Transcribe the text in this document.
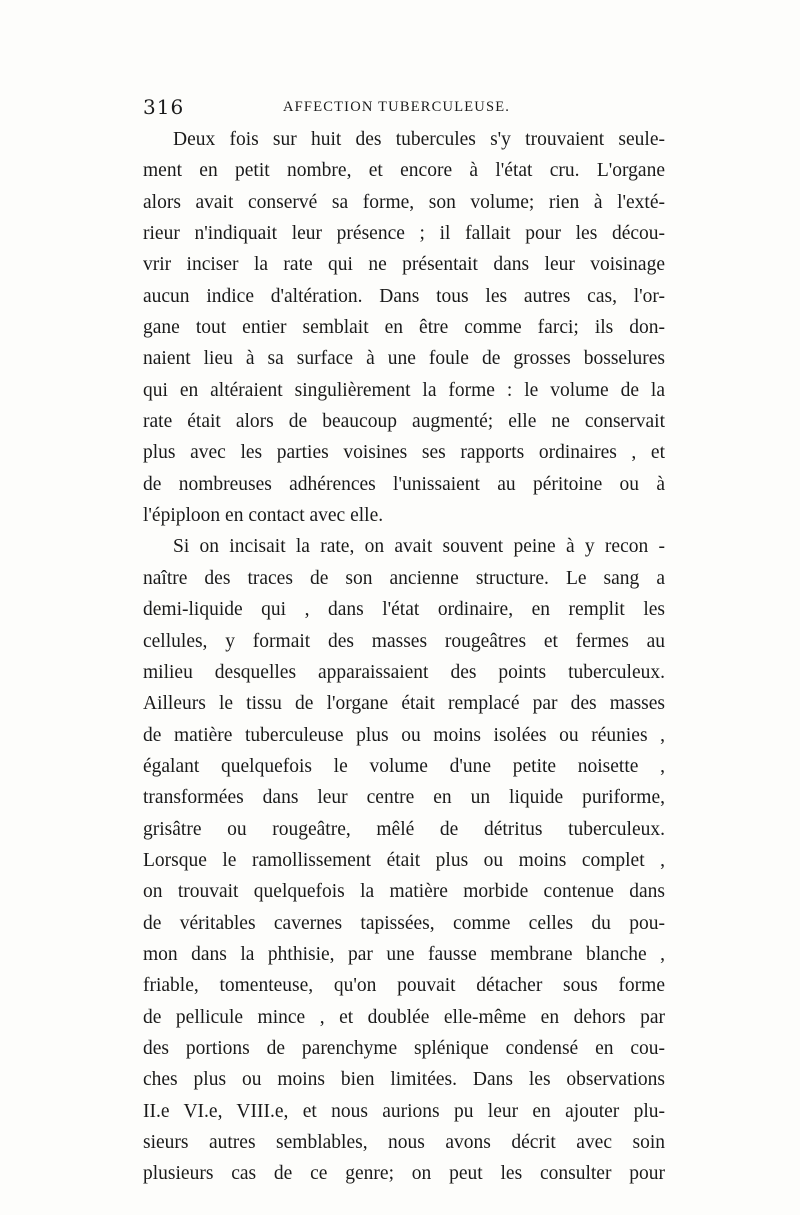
316	AFFECTION TUBERCULEUSE.
Deux fois sur huit des tubercules s'y trouvaient seule-
ment en petit nombre, et encore à l'état cru. L'organe
alors avait conservé sa forme, son volume; rien à l'exté-
rieur n'indiquait leur présence ; il fallait pour les décou-
vrir inciser la rate qui ne présentait dans leur voisinage
aucun indice d'altération. Dans tous les autres cas, l'or-
gane tout entier semblait en être comme farci; ils don-
naient lieu à sa surface à une foule de grosses bosselures
qui en altéraient singulièrement la forme : le volume de la
rate était alors de beaucoup augmenté; elle ne conservait
plus avec les parties voisines ses rapports ordinaires , et
de nombreuses adhérences l'unissaient au péritoine ou à
l'épiploon en contact avec elle.
Si on incisait la rate, on avait souvent peine à y recon -
naître des traces de son ancienne structure. Le sang a
demi-liquide qui , dans l'état ordinaire, en remplit les
cellules, y formait des masses rougeâtres et fermes au
milieu desquelles apparaissaient des points tuberculeux.
Ailleurs le tissu de l'organe était remplacé par des masses
de matière tuberculeuse plus ou moins isolées ou réunies ,
égalant quelquefois le volume d'une petite noisette ,
transformées dans leur centre en un liquide puriforme,
grisâtre ou rougeâtre, mêlé de détritus tuberculeux.
Lorsque le ramollissement était plus ou moins complet ,
on trouvait quelquefois la matière morbide contenue dans
de véritables cavernes tapissées, comme celles du pou-
mon dans la phthisie, par une fausse membrane blanche ,
friable, tomenteuse, qu'on pouvait détacher sous forme
de pellicule mince , et doublée elle-même en dehors par
des portions de parenchyme splénique condensé en cou-
ches plus ou moins bien limitées. Dans les observations
II.e VI.e, VIII.e, et nous aurions pu leur en ajouter plu-
sieurs autres semblables, nous avons décrit avec soin
plusieurs cas de ce genre; on peut les consulter pour
